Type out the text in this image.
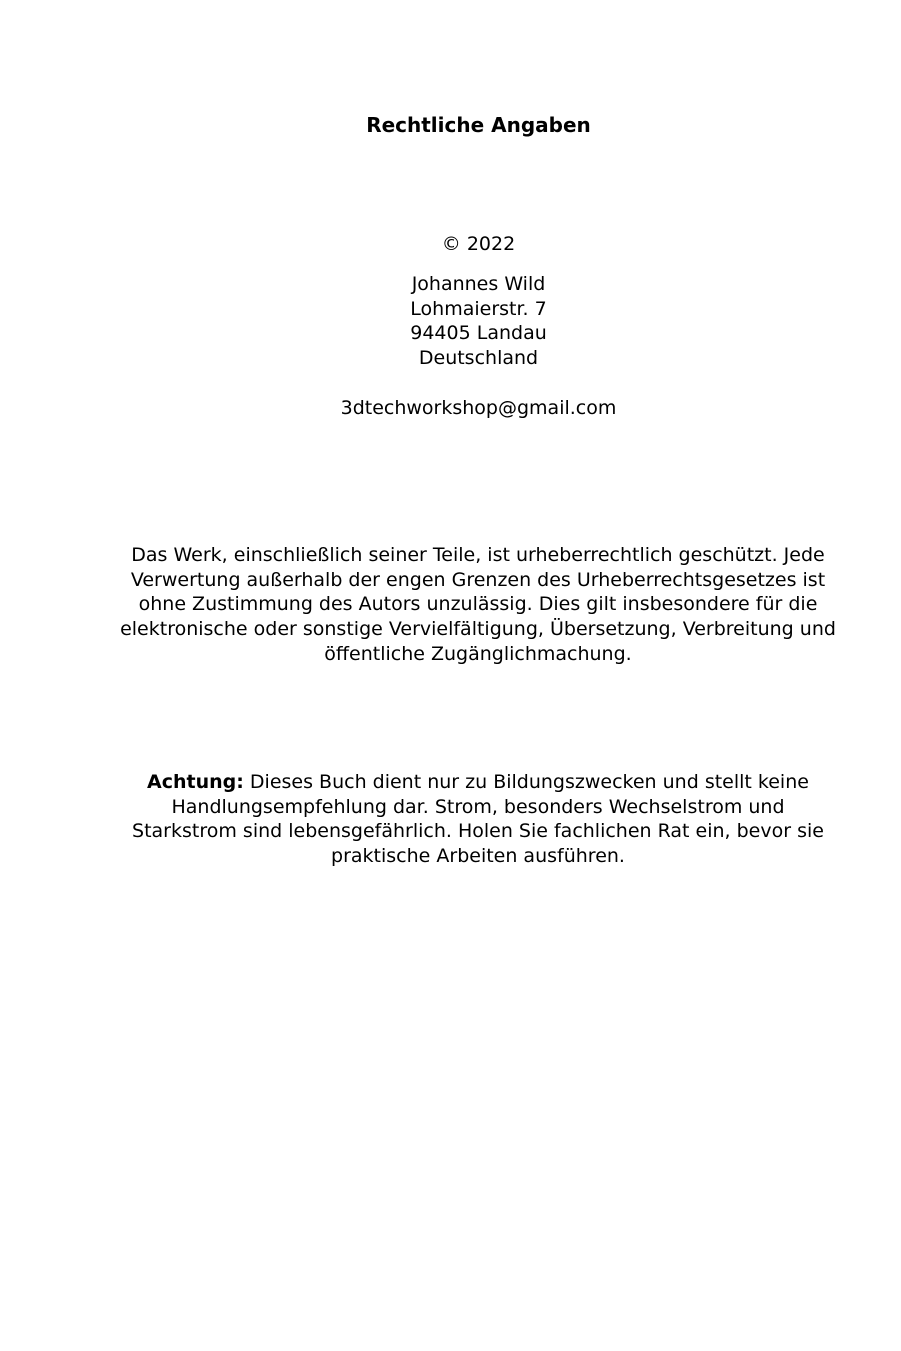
Rechtliche Angaben
© 2022
Johannes Wild
Lohmaierstr. 7
94405 Landau
Deutschland
3dtechworkshop@gmail.com
Das Werk, einschließlich seiner Teile, ist urheberrechtlich geschützt. Jede Verwertung außerhalb der engen Grenzen des Urheberrechtsgesetzes ist ohne Zustimmung des Autors unzulässig. Dies gilt insbesondere für die elektronische oder sonstige Vervielfältigung, Übersetzung, Verbreitung und öffentliche Zugänglichmachung.
Achtung: Dieses Buch dient nur zu Bildungszwecken und stellt keine Handlungsempfehlung dar. Strom, besonders Wechselstrom und Starkstrom sind lebensgefährlich. Holen Sie fachlichen Rat ein, bevor sie praktische Arbeiten ausführen.
